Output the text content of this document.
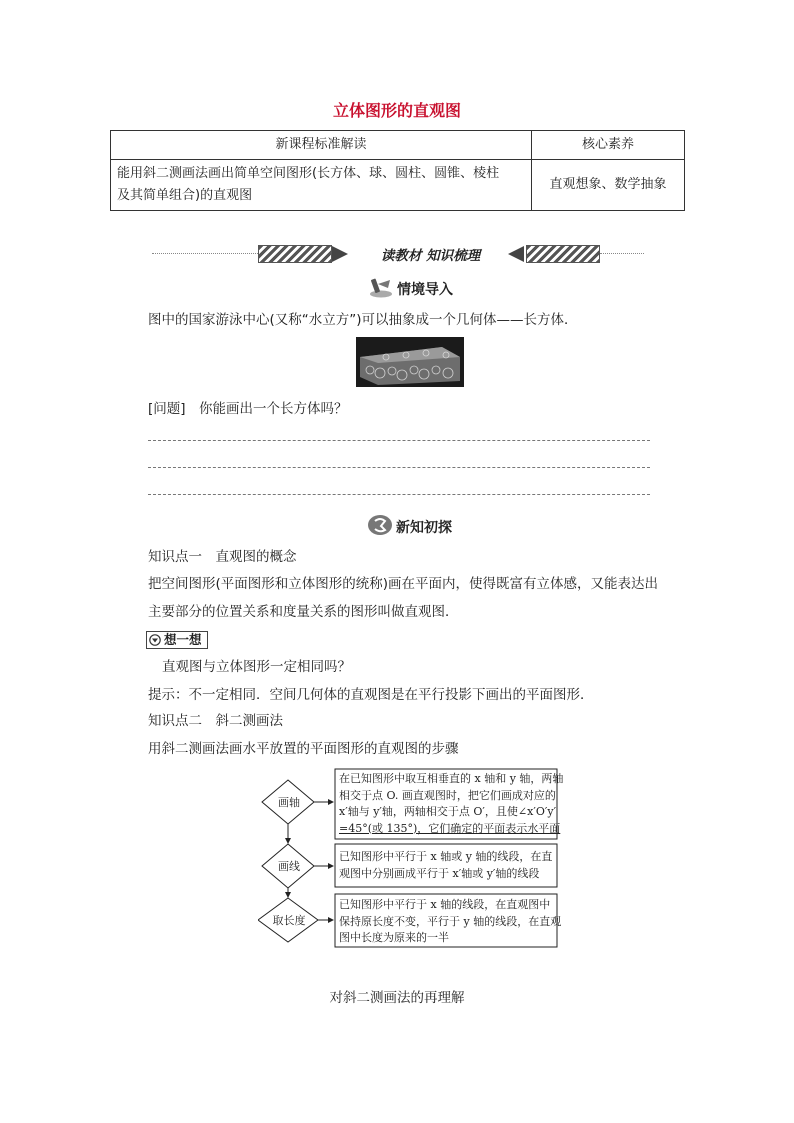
立体图形的直观图
新课程标准解读	核心素养

能用斜二测画法画出简单空间图形(长方体、球、圆柱、圆锥、棱柱
及其简单组合)的直观图	直观想象、数学抽象
读教材 知识梳理
情境导入

图中的国家游泳中心(又称“水立方”)可以抽象成一个几何体——长方体．

[问题]　你能画出一个长方体吗？

新知初探

知识点一　直观图的概念

把空间图形(平面图形和立体图形的统称)画在平面内，使得既富有立体感，又能表达出

主要部分的位置关系和度量关系的图形叫做直观图．

想一想

直观图与立体图形一定相同吗？

提示：不一定相同．空间几何体的直观图是在平行投影下画出的平面图形．

知识点二　斜二测画法

用斜二测画法画水平放置的平面图形的直观图的步骤

画轴
画线
取长度
在已知图形中取互相垂直的 x 轴和 y 轴，两轴
相交于点 O. 画直观图时，把它们画成对应的
x′轴与 y′轴，两轴相交于点 O′，且使∠x′O′y′
=45°(或 135°)，它们确定的平面表示水平面
已知图形中平行于 x 轴或 y 轴的线段，在直
观图中分别画成平行于 x′轴或 y′轴的线段
已知图形中平行于 x 轴的线段，在直观图中
保持原长度不变，平行于 y 轴的线段，在直观
图中长度为原来的一半

对斜二测画法的再理解
